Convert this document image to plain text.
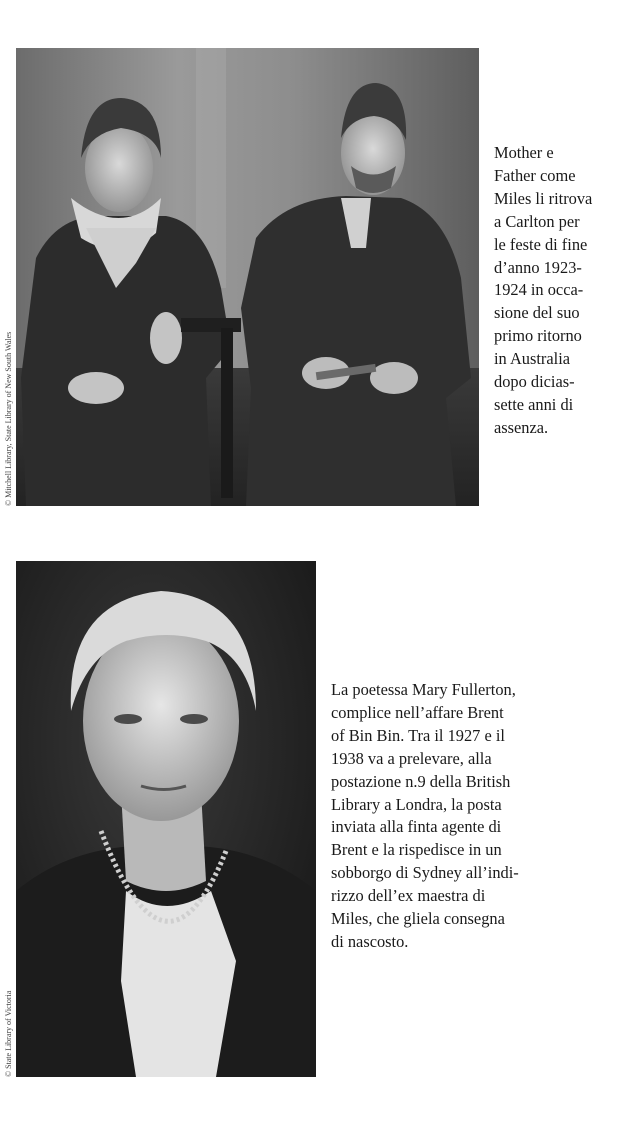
© Mitchell Library, State Library of New South Wales
Mother e
Father come
Miles li ritrova
a Carlton per
le feste di fine
d’anno 1923-
1924 in occa-
sione del suo
primo ritorno
in Australia
dopo dicias-
sette anni di
assenza.
© State Library of Victoria
La poetessa Mary Fullerton,
complice nell’affare Brent
of Bin Bin. Tra il 1927 e il
1938 va a prelevare, alla
postazione n.9 della British
Library a Londra, la posta
inviata alla finta agente di
Brent e la rispedisce in un
sobborgo di Sydney all’indi-
rizzo dell’ex maestra di
Miles, che gliela consegna
di nascosto.
